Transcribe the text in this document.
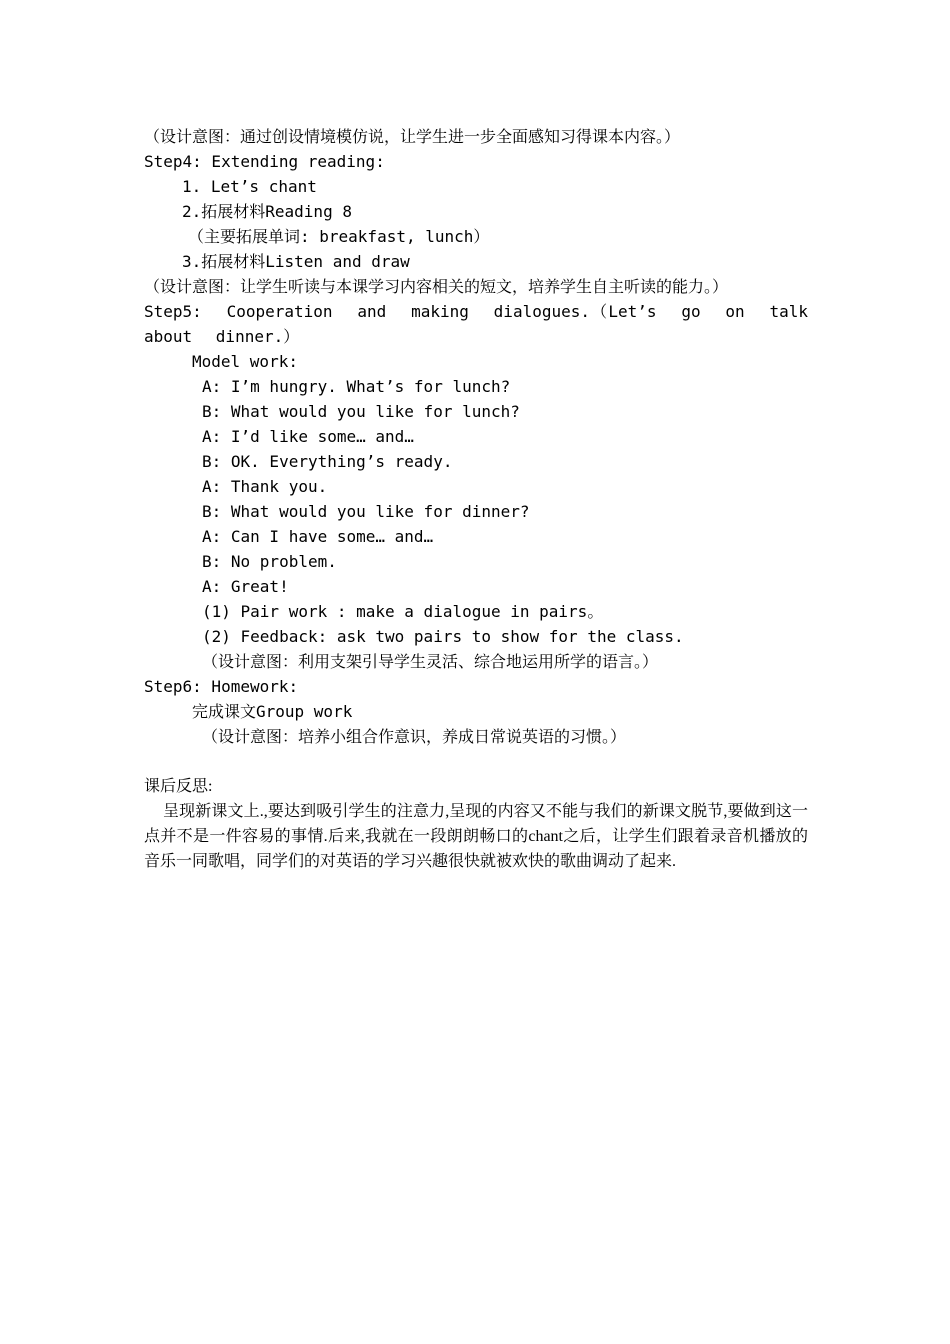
（设计意图：通过创设情境模仿说，让学生进一步全面感知习得课本内容。）
Step4: Extending reading:
1. Let’s chant
2.拓展材料Reading 8
（主要拓展单词: breakfast, lunch）
3.拓展材料Listen and draw
（设计意图：让学生听读与本课学习内容相关的短文，培养学生自主听读的能力。）
Step5: Cooperation and making dialogues.（Let’s go on talk about dinner.）
Model work:
A: I’m hungry. What’s for lunch?
B: What would you like for lunch?
A: I’d like some… and…
B: OK. Everything’s ready.
A: Thank you.
B: What would you like for dinner?
A: Can I have some… and…
B: No problem.
A: Great!
(1) Pair work : make a dialogue in pairs。
(2) Feedback: ask two pairs to show for the class.
（设计意图：利用支架引导学生灵活、综合地运用所学的语言。）
Step6: Homework:
完成课文Group work
（设计意图：培养小组合作意识，养成日常说英语的习惯。）
课后反思:
呈现新课文上.,要达到吸引学生的注意力,呈现的内容又不能与我们的新课文脱节,要做到这一点并不是一件容易的事情.后来,我就在一段朗朗畅口的chant之后，让学生们跟着录音机播放的音乐一同歌唱，同学们的对英语的学习兴趣很快就被欢快的歌曲调动了起来.
